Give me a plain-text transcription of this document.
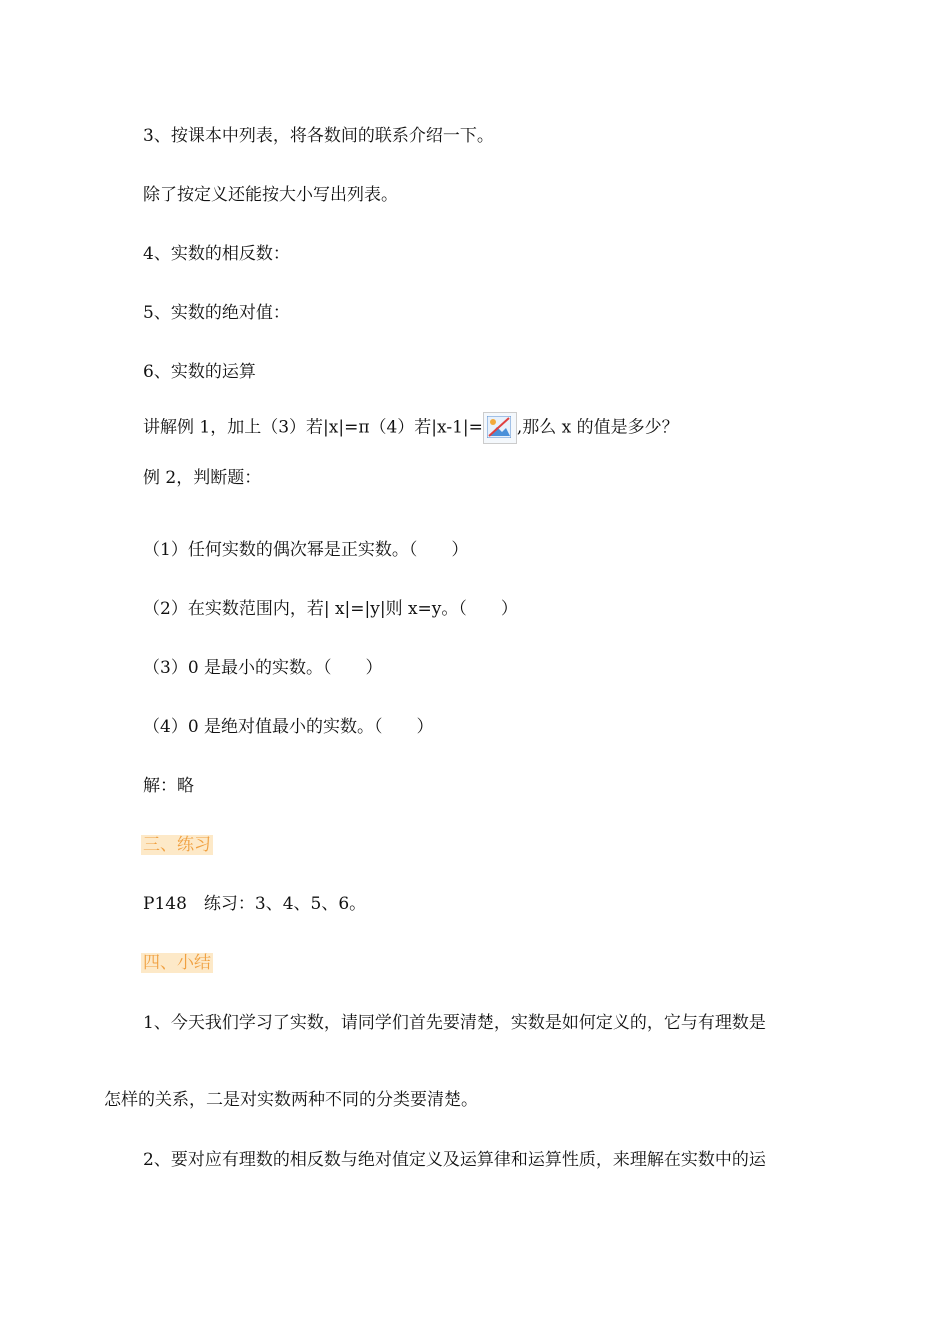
3、按课本中列表，将各数间的联系介绍一下。
除了按定义还能按大小写出列表。
4、实数的相反数：
5、实数的绝对值：
6、实数的运算
讲解例 1，加上（3）若|x|=π（4）若|x-1|= ,那么 x 的值是多少？
例 2，判断题：
（1）任何实数的偶次幂是正实数。（　　）
（2）在实数范围内，若| x|=|y|则 x=y。（　　）
（3）0 是最小的实数。（　　）
（4）0 是绝对值最小的实数。（　　）
解：略
三、练习
P148　练习：3、4、5、6。
四、小结
1、今天我们学习了实数，请同学们首先要清楚，实数是如何定义的，它与有理数是
怎样的关系，二是对实数两种不同的分类要清楚。
2、要对应有理数的相反数与绝对值定义及运算律和运算性质，来理解在实数中的运
